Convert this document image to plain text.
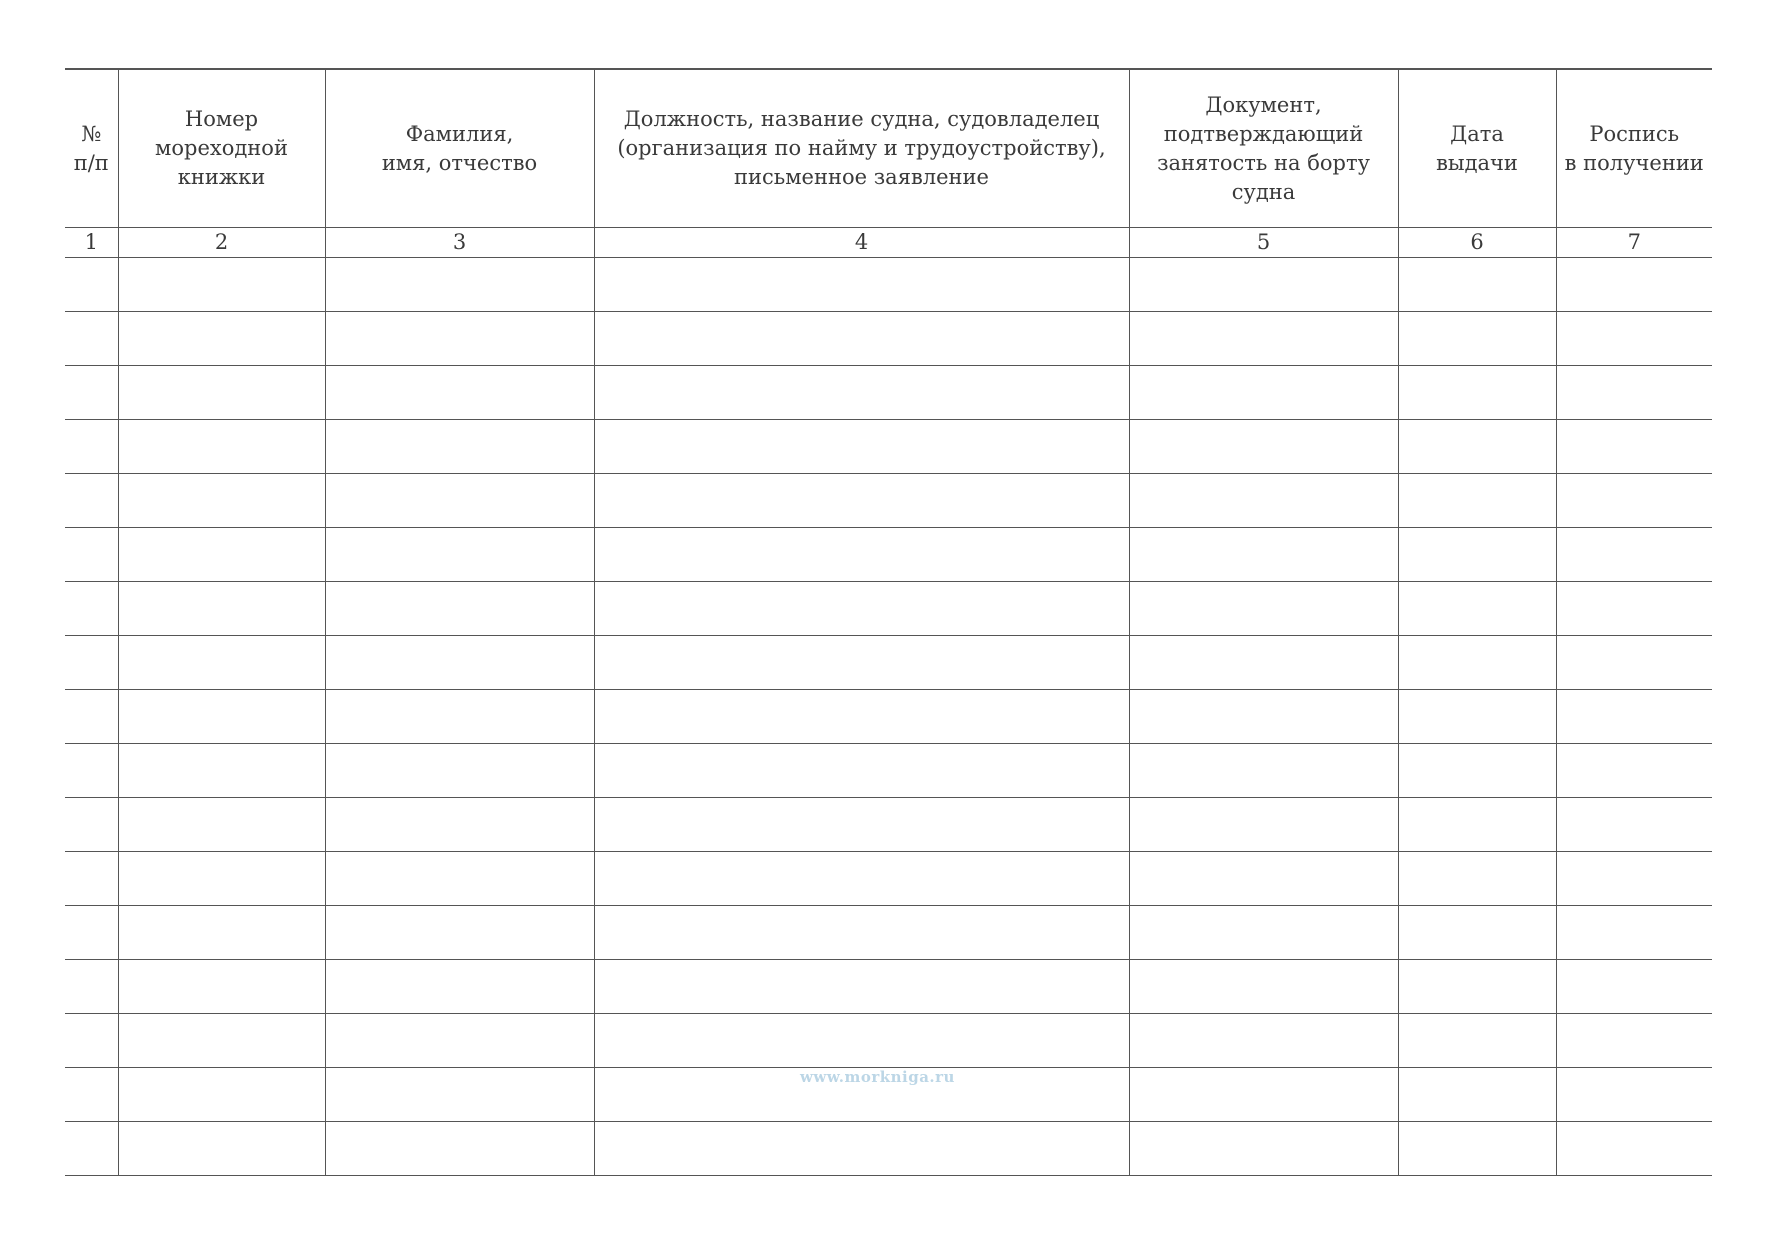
№
п/п	Номер
мореходной
книжки	Фамилия,
имя, отчество	Должность, название судна, судовладелец
(организация по найму и трудоустройству),
письменное заявление	Документ,
подтверждающий
занятость на борту
судна	Дата
выдачи	Роспись
в получении
1	2	3	4	5	6	7

www.morkniga.ru
